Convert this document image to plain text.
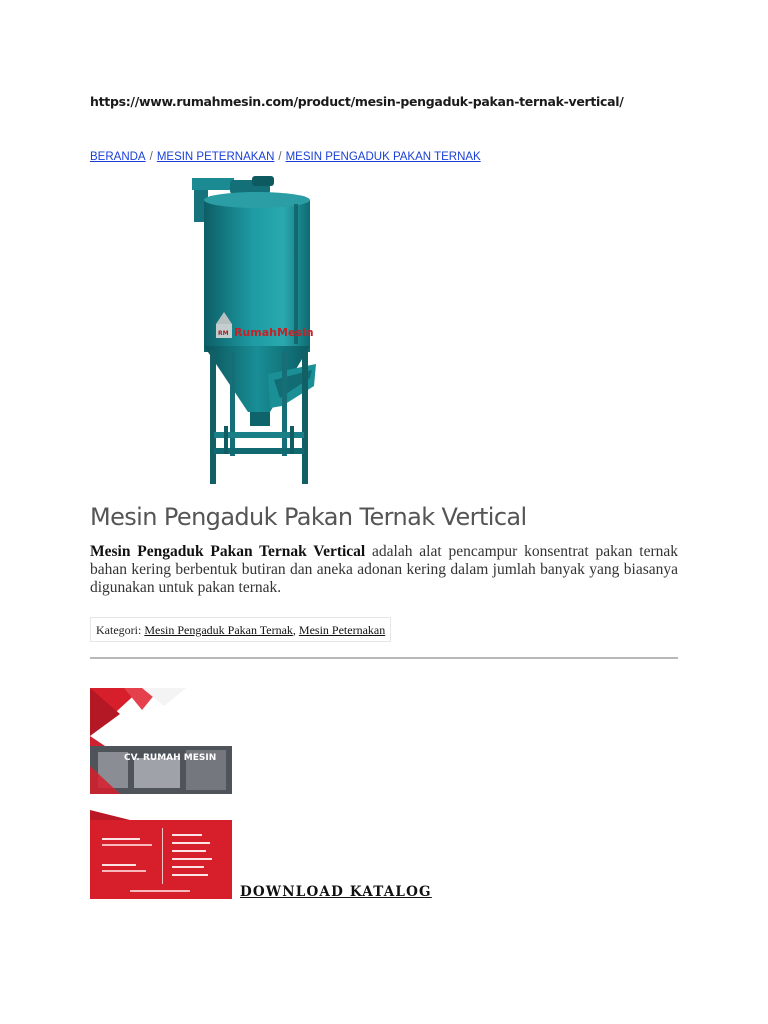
https://www.rumahmesin.com/product/mesin-pengaduk-pakan-ternak-vertical/
BERANDA / MESIN PETERNAKAN / MESIN PENGADUK PAKAN TERNAK
RM RumahMesin
Mesin Pengaduk Pakan Ternak Vertical

Mesin Pengaduk Pakan Ternak Vertical adalah alat pencampur konsentrat pakan ternak bahan kering berbentuk butiran dan aneka adonan kering dalam jumlah banyak yang biasanya digunakan untuk pakan ternak.

Kategori: Mesin Pengaduk Pakan Ternak, Mesin Peternakan
CV. RUMAH MESIN
DOWNLOAD KATALOG
